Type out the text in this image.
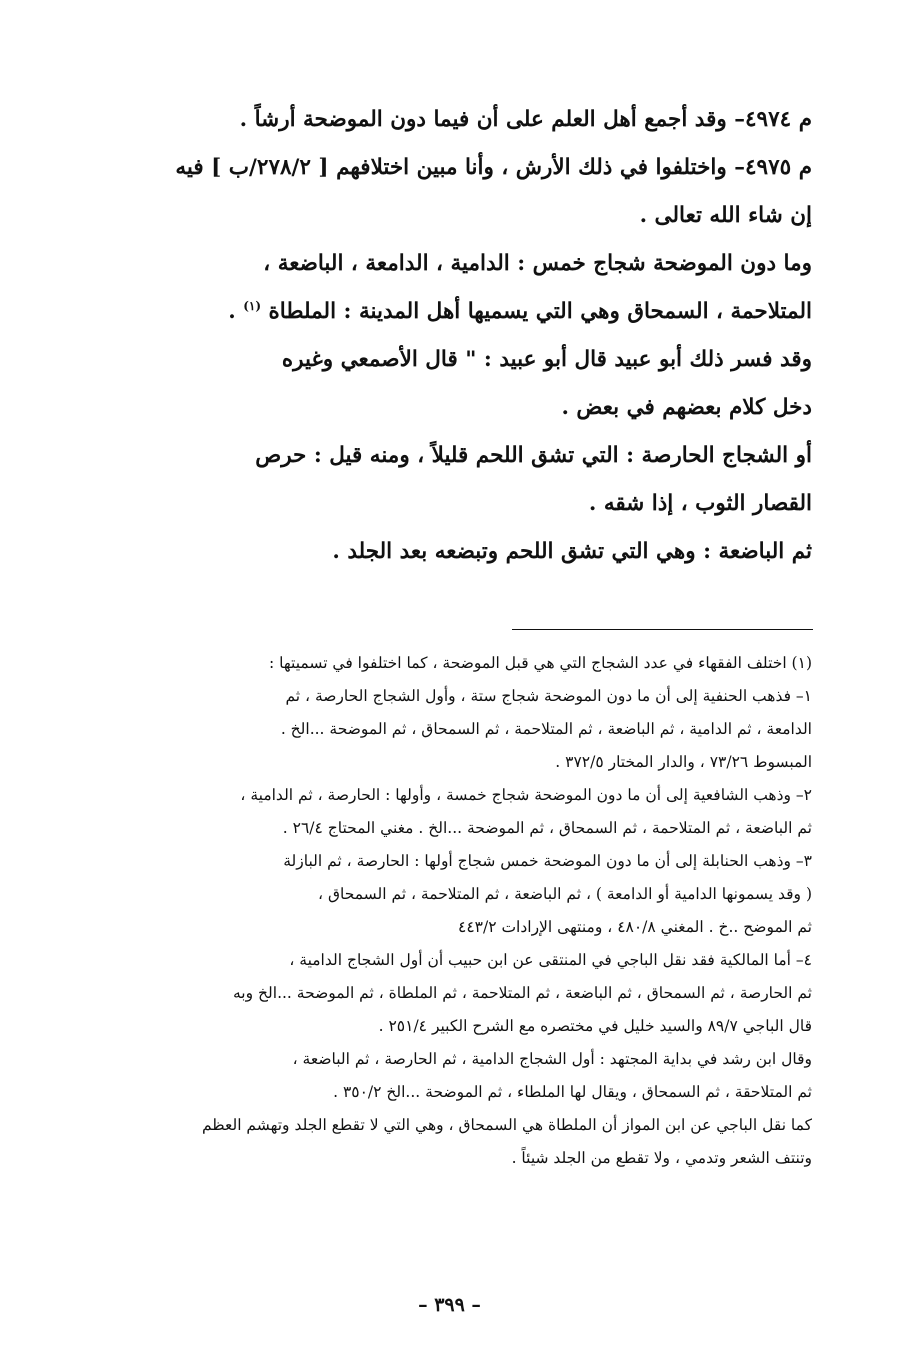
م ٤٩٧٤– وقد أجمع أهل العلم على أن فيما دون الموضحة أرشاً .

م ٤٩٧٥– واختلفوا في ذلك الأرش ، وأنا مبين اختلافهم [ ٢٧٨/٢/ب ] فيه

إن شاء الله تعالى .

وما دون الموضحة شجاج خمس : الدامية ، الدامعة ، الباضعة ،

المتلاحمة ، السمحاق وهي التي يسميها أهل المدينة : الملطاة $^{(١)}$ .

وقد فسر ذلك أبو عبيد قال أبو عبيد : " قال الأصمعي وغيره

دخل كلام بعضهم في بعض .

أو الشجاج الحارصة : التي تشق اللحم قليلاً ، ومنه قيل : حرص

القصار الثوب ، إذا شقه .

ثم الباضعة : وهي التي تشق اللحم وتبضعه بعد الجلد .

(١) اختلف الفقهاء في عدد الشجاج التي هي قبل الموضحة ، كما اختلفوا في تسميتها :

١– فذهب الحنفية إلى أن ما دون الموضحة شجاج ستة ، وأول الشجاج الحارصة ، ثم

الدامعة ، ثم الدامية ، ثم الباضعة ، ثم المتلاحمة ، ثم السمحاق ، ثم الموضحة ...الخ .

المبسوط ٧٣/٢٦ ، والدار المختار ٣٧٢/٥ .

٢– وذهب الشافعية إلى أن ما دون الموضحة شجاج خمسة ، وأولها : الحارصة ، ثم الدامية ،

ثم الباضعة ، ثم المتلاحمة ، ثم السمحاق ، ثم الموضحة ...الخ . مغني المحتاج ٢٦/٤ .

٣– وذهب الحنابلة إلى أن ما دون الموضحة خمس شجاج أولها : الحارصة ، ثم البازلة

( وقد يسمونها الدامية أو الدامعة ) ، ثم الباضعة ، ثم المتلاحمة ، ثم السمحاق ،

ثم الموضح ..خ . المغني ٤٨٠/٨ ، ومنتهى الإرادات ٤٤٣/٢

٤– أما المالكية فقد نقل الباجي في المنتقى عن ابن حبيب أن أول الشجاج الدامية ،

ثم الحارصة ، ثم السمحاق ، ثم الباضعة ، ثم المتلاحمة ، ثم الملطاة ، ثم الموضحة ...الخ وبه

قال الباجي ٨٩/٧ والسيد خليل في مختصره مع الشرح الكبير ٢٥١/٤ .

وقال ابن رشد في بداية المجتهد : أول الشجاج الدامية ، ثم الحارصة ، ثم الباضعة ،

ثم المتلاحقة ، ثم السمحاق ، ويقال لها الملطاء ، ثم الموضحة ...الخ ٣٥٠/٢ .

كما نقل الباجي عن ابن المواز أن الملطاة هي السمحاق ، وهي التي لا تقطع الجلد وتهشم العظم

وتنتف الشعر وتدمي ، ولا تقطع من الجلد شيئاً .

– ٣٩٩ –
